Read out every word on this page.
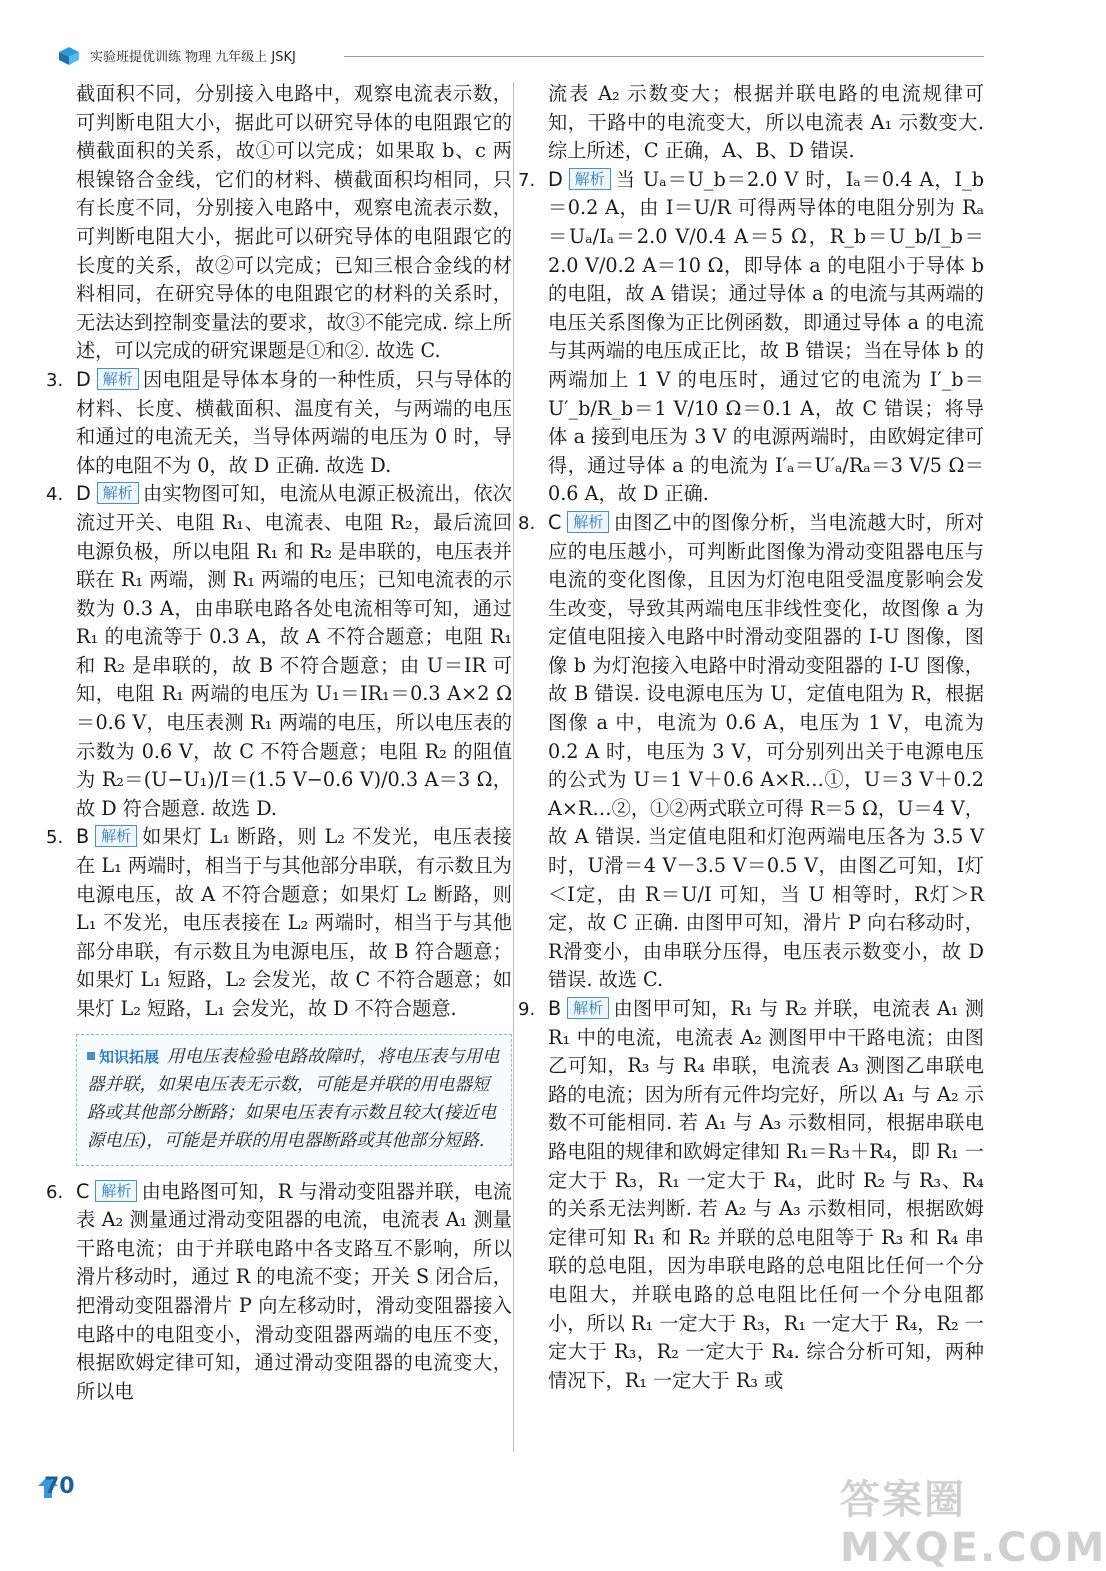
实验班提优训练 物理 九年级上 JSKJ

截面积不同，分别接入电路中，观察电流表示数，可判断电阻大小，据此可以研究导体的电阻跟它的横截面积的关系，故①可以完成；如果取 b、c 两根镍铬合金线，它们的材料、横截面积均相同，只有长度不同，分别接入电路中，观察电流表示数，可判断电阻大小，据此可以研究导体的电阻跟它的长度的关系，故②可以完成；已知三根合金线的材料相同，在研究导体的电阻跟它的材料的关系时，无法达到控制变量法的要求，故③不能完成. 综上所述，可以完成的研究课题是①和②. 故选 C.

3. D 解析 因电阻是导体本身的一种性质，只与导体的材料、长度、横截面积、温度有关，与两端的电压和通过的电流无关，当导体两端的电压为 0 时，导体的电阻不为 0，故 D 正确. 故选 D.
4. D 解析 由实物图可知，电流从电源正极流出，依次流过开关、电阻 R₁、电流表、电阻 R₂，最后流回电源负极，所以电阻 R₁ 和 R₂ 是串联的，电压表并联在 R₁ 两端，测 R₁ 两端的电压；已知电流表的示数为 0.3 A，由串联电路各处电流相等可知，通过 R₁ 的电流等于 0.3 A，故 A 不符合题意；电阻 R₁ 和 R₂ 是串联的，故 B 不符合题意；由 U＝IR 可知，电阻 R₁ 两端的电压为 U₁＝IR₁＝0.3 A×2 Ω＝0.6 V，电压表测 R₁ 两端的电压，所以电压表的示数为 0.6 V，故 C 不符合题意；电阻 R₂ 的阻值为 R₂＝(U−U₁)/I＝(1.5 V−0.6 V)/0.3 A＝3 Ω，故 D 符合题意. 故选 D.
5. B 解析 如果灯 L₁ 断路，则 L₂ 不发光，电压表接在 L₁ 两端时，相当于与其他部分串联，有示数且为电源电压，故 A 不符合题意；如果灯 L₂ 断路，则 L₁ 不发光，电压表接在 L₂ 两端时，相当于与其他部分串联，有示数且为电源电压，故 B 符合题意；如果灯 L₁ 短路，L₂ 会发光，故 C 不符合题意；如果灯 L₂ 短路，L₁ 会发光，故 D 不符合题意.
知识拓展 用电压表检验电路故障时，将电压表与用电器并联，如果电压表无示数，可能是并联的用电器短路或其他部分断路；如果电压表有示数且较大(接近电源电压)，可能是并联的用电器断路或其他部分短路.
6. C 解析 由电路图可知，R 与滑动变阻器并联，电流表 A₂ 测量通过滑动变阻器的电流，电流表 A₁ 测量干路电流；由于并联电路中各支路互不影响，所以滑片移动时，通过 R 的电流不变；开关 S 闭合后，把滑动变阻器滑片 P 向左移动时，滑动变阻器接入电路中的电阻变小，滑动变阻器两端的电压不变，根据欧姆定律可知，通过滑动变阻器的电流变大，所以电

流表 A₂ 示数变大；根据并联电路的电流规律可知，干路中的电流变大，所以电流表 A₁ 示数变大. 综上所述，C 正确，A、B、D 错误.

7. D 解析 当 Uₐ＝U_b＝2.0 V 时，Iₐ＝0.4 A，I_b＝0.2 A，由 I＝U/R 可得两导体的电阻分别为 Rₐ＝Uₐ/Iₐ＝2.0 V/0.4 A＝5 Ω，R_b＝U_b/I_b＝2.0 V/0.2 A＝10 Ω，即导体 a 的电阻小于导体 b 的电阻，故 A 错误；通过导体 a 的电流与其两端的电压关系图像为正比例函数，即通过导体 a 的电流与其两端的电压成正比，故 B 错误；当在导体 b 的两端加上 1 V 的电压时，通过它的电流为 I′_b＝U′_b/R_b＝1 V/10 Ω＝0.1 A，故 C 错误；将导体 a 接到电压为 3 V 的电源两端时，由欧姆定律可得，通过导体 a 的电流为 I′ₐ＝U′ₐ/Rₐ＝3 V/5 Ω＝0.6 A，故 D 正确.
8. C 解析 由图乙中的图像分析，当电流越大时，所对应的电压越小，可判断此图像为滑动变阻器电压与电流的变化图像，且因为灯泡电阻受温度影响会发生改变，导致其两端电压非线性变化，故图像 a 为定值电阻接入电路中时滑动变阻器的 I-U 图像，图像 b 为灯泡接入电路中时滑动变阻器的 I-U 图像，故 B 错误. 设电源电压为 U，定值电阻为 R，根据图像 a 中，电流为 0.6 A，电压为 1 V，电流为 0.2 A 时，电压为 3 V，可分别列出关于电源电压的公式为 U＝1 V＋0.6 A×R…①，U＝3 V＋0.2 A×R…②，①②两式联立可得 R＝5 Ω，U＝4 V，故 A 错误. 当定值电阻和灯泡两端电压各为 3.5 V 时，U滑＝4 V－3.5 V＝0.5 V，由图乙可知，I灯＜I定，由 R＝U/I 可知，当 U 相等时，R灯＞R定，故 C 正确. 由图甲可知，滑片 P 向右移动时，R滑变小，由串联分压得，电压表示数变小，故 D 错误. 故选 C.
9. B 解析 由图甲可知，R₁ 与 R₂ 并联，电流表 A₁ 测 R₁ 中的电流，电流表 A₂ 测图甲中干路电流；由图乙可知，R₃ 与 R₄ 串联，电流表 A₃ 测图乙串联电路的电流；因为所有元件均完好，所以 A₁ 与 A₂ 示数不可能相同. 若 A₁ 与 A₃ 示数相同，根据串联电路电阻的规律和欧姆定律知 R₁＝R₃＋R₄，即 R₁ 一定大于 R₃，R₁ 一定大于 R₄，此时 R₂ 与 R₃、R₄ 的关系无法判断. 若 A₂ 与 A₃ 示数相同，根据欧姆定律可知 R₁ 和 R₂ 并联的总电阻等于 R₃ 和 R₄ 串联的总电阻，因为串联电路的总电阻比任何一个分电阻大，并联电路的总电阻比任何一个分电阻都小，所以 R₁ 一定大于 R₃，R₁ 一定大于 R₄，R₂ 一定大于 R₃，R₂ 一定大于 R₄. 综合分析可知，两种情况下，R₁ 一定大于 R₃ 或
70	答案圈 MXQE.COM
